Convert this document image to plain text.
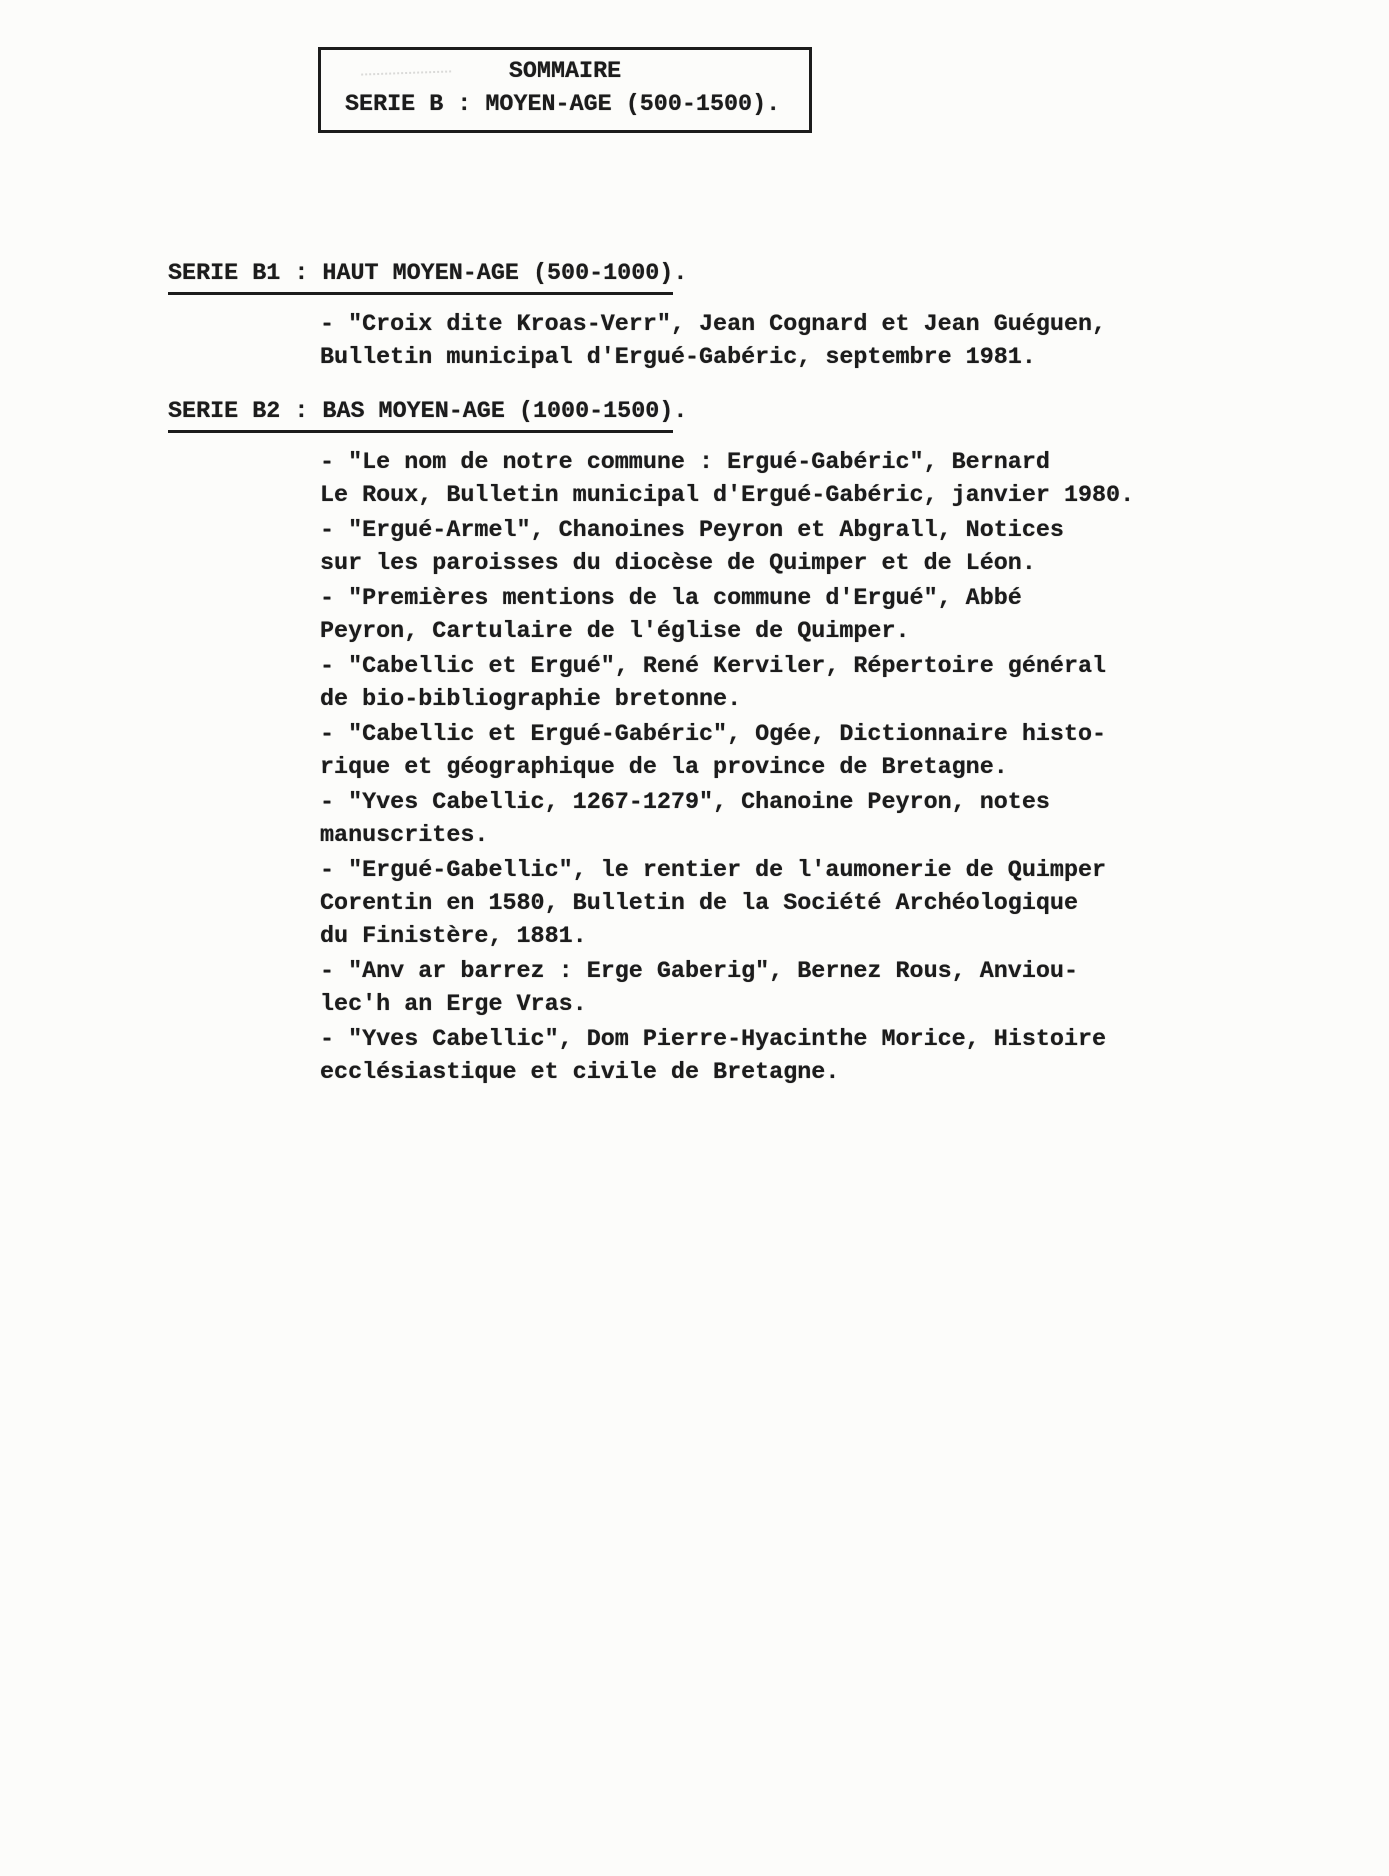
SOMMAIRE
SERIE B : MOYEN-AGE (500-1500).
SERIE B1 : HAUT MOYEN-AGE (500-1000).

- "Croix dite Kroas-Verr", Jean Cognard et Jean Guéguen,
Bulletin municipal d'Ergué-Gabéric, septembre 1981.

SERIE B2 : BAS MOYEN-AGE (1000-1500).

- "Le nom de notre commune : Ergué-Gabéric", Bernard
Le Roux, Bulletin municipal d'Ergué-Gabéric, janvier 1980.

- "Ergué-Armel", Chanoines Peyron et Abgrall, Notices
sur les paroisses du diocèse de Quimper et de Léon.

- "Premières mentions de la commune d'Ergué", Abbé
Peyron, Cartulaire de l'église de Quimper.

- "Cabellic et Ergué", René Kerviler, Répertoire général
de bio-bibliographie bretonne.

- "Cabellic et Ergué-Gabéric", Ogée, Dictionnaire histo-
rique et géographique de la province de Bretagne.

- "Yves Cabellic, 1267-1279", Chanoine Peyron, notes
manuscrites.

- "Ergué-Gabellic", le rentier de l'aumonerie de Quimper
Corentin en 1580, Bulletin de la Société Archéologique
du Finistère, 1881.

- "Anv ar barrez : Erge Gaberig", Bernez Rous, Anviou-
lec'h an Erge Vras.

- "Yves Cabellic", Dom Pierre-Hyacinthe Morice, Histoire
ecclésiastique et civile de Bretagne.
